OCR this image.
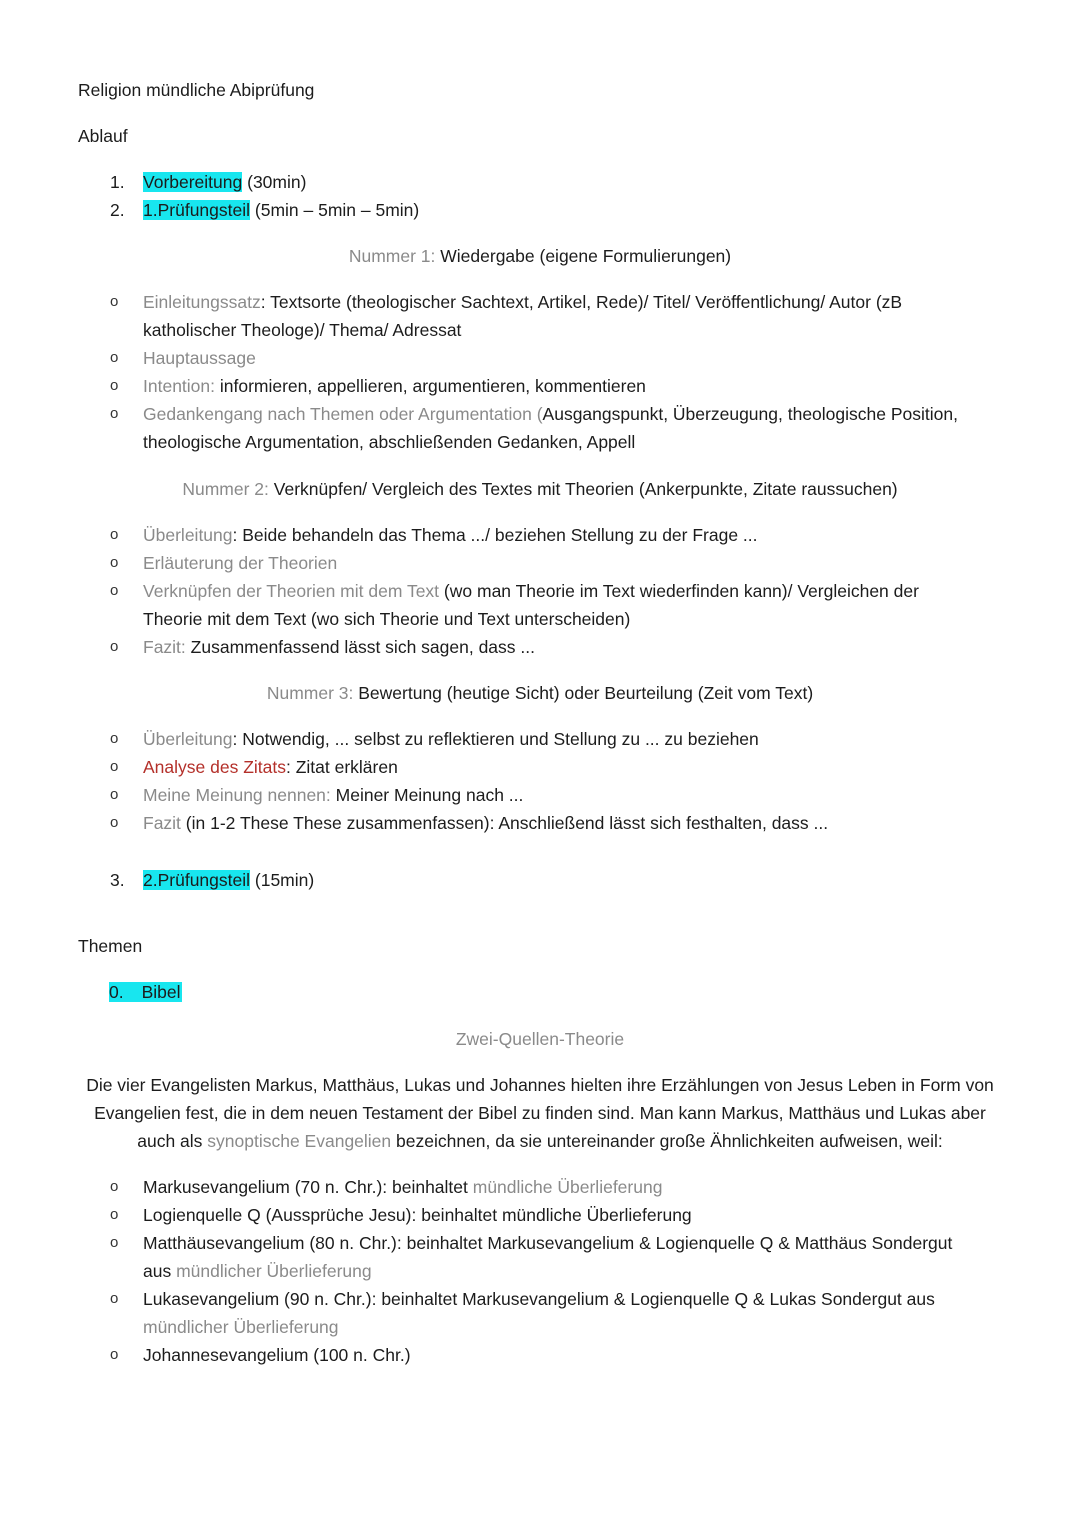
Religion mündliche Abiprüfung
Ablauf
1. Vorbereitung (30min)
2. 1.Prüfungsteil (5min – 5min – 5min)
Nummer 1: Wiedergabe (eigene Formulierungen)
o Einleitungssatz: Textsorte (theologischer Sachtext, Artikel, Rede)/ Titel/ Veröffentlichung/ Autor (zB
katholischer Theologe)/ Thema/ Adressat
o Hauptaussage
o Intention: informieren, appellieren, argumentieren, kommentieren
o Gedankengang nach Themen oder Argumentation (Ausgangspunkt, Überzeugung, theologische Position,
theologische Argumentation, abschließenden Gedanken, Appell
Nummer 2: Verknüpfen/ Vergleich des Textes mit Theorien (Ankerpunkte, Zitate raussuchen)
o Überleitung: Beide behandeln das Thema .../ beziehen Stellung zu der Frage ...
o Erläuterung der Theorien
o Verknüpfen der Theorien mit dem Text (wo man Theorie im Text wiederfinden kann)/ Vergleichen der
Theorie mit dem Text (wo sich Theorie und Text unterscheiden)
o Fazit: Zusammenfassend lässt sich sagen, dass ...
Nummer 3: Bewertung (heutige Sicht) oder Beurteilung (Zeit vom Text)
o Überleitung: Notwendig, ... selbst zu reflektieren und Stellung zu ... zu beziehen
o Analyse des Zitats: Zitat erklären
o Meine Meinung nennen: Meiner Meinung nach ...
o Fazit (in 1-2 These These zusammenfassen): Anschließend lässt sich festhalten, dass ...
3. 2.Prüfungsteil (15min)
Themen
0. Bibel
Zwei-Quellen-Theorie
Die vier Evangelisten Markus, Matthäus, Lukas und Johannes hielten ihre Erzählungen von Jesus Leben in Form von
Evangelien fest, die in dem neuen Testament der Bibel zu finden sind. Man kann Markus, Matthäus und Lukas aber
auch als synoptische Evangelien bezeichnen, da sie untereinander große Ähnlichkeiten aufweisen, weil:
o Markusevangelium (70 n. Chr.): beinhaltet mündliche Überlieferung
o Logienquelle Q (Aussprüche Jesu): beinhaltet mündliche Überlieferung
o Matthäusevangelium (80 n. Chr.): beinhaltet Markusevangelium & Logienquelle Q & Matthäus Sondergut
aus mündlicher Überlieferung
o Lukasevangelium (90 n. Chr.): beinhaltet Markusevangelium & Logienquelle Q & Lukas Sondergut aus
mündlicher Überlieferung
o Johannesevangelium (100 n. Chr.)
